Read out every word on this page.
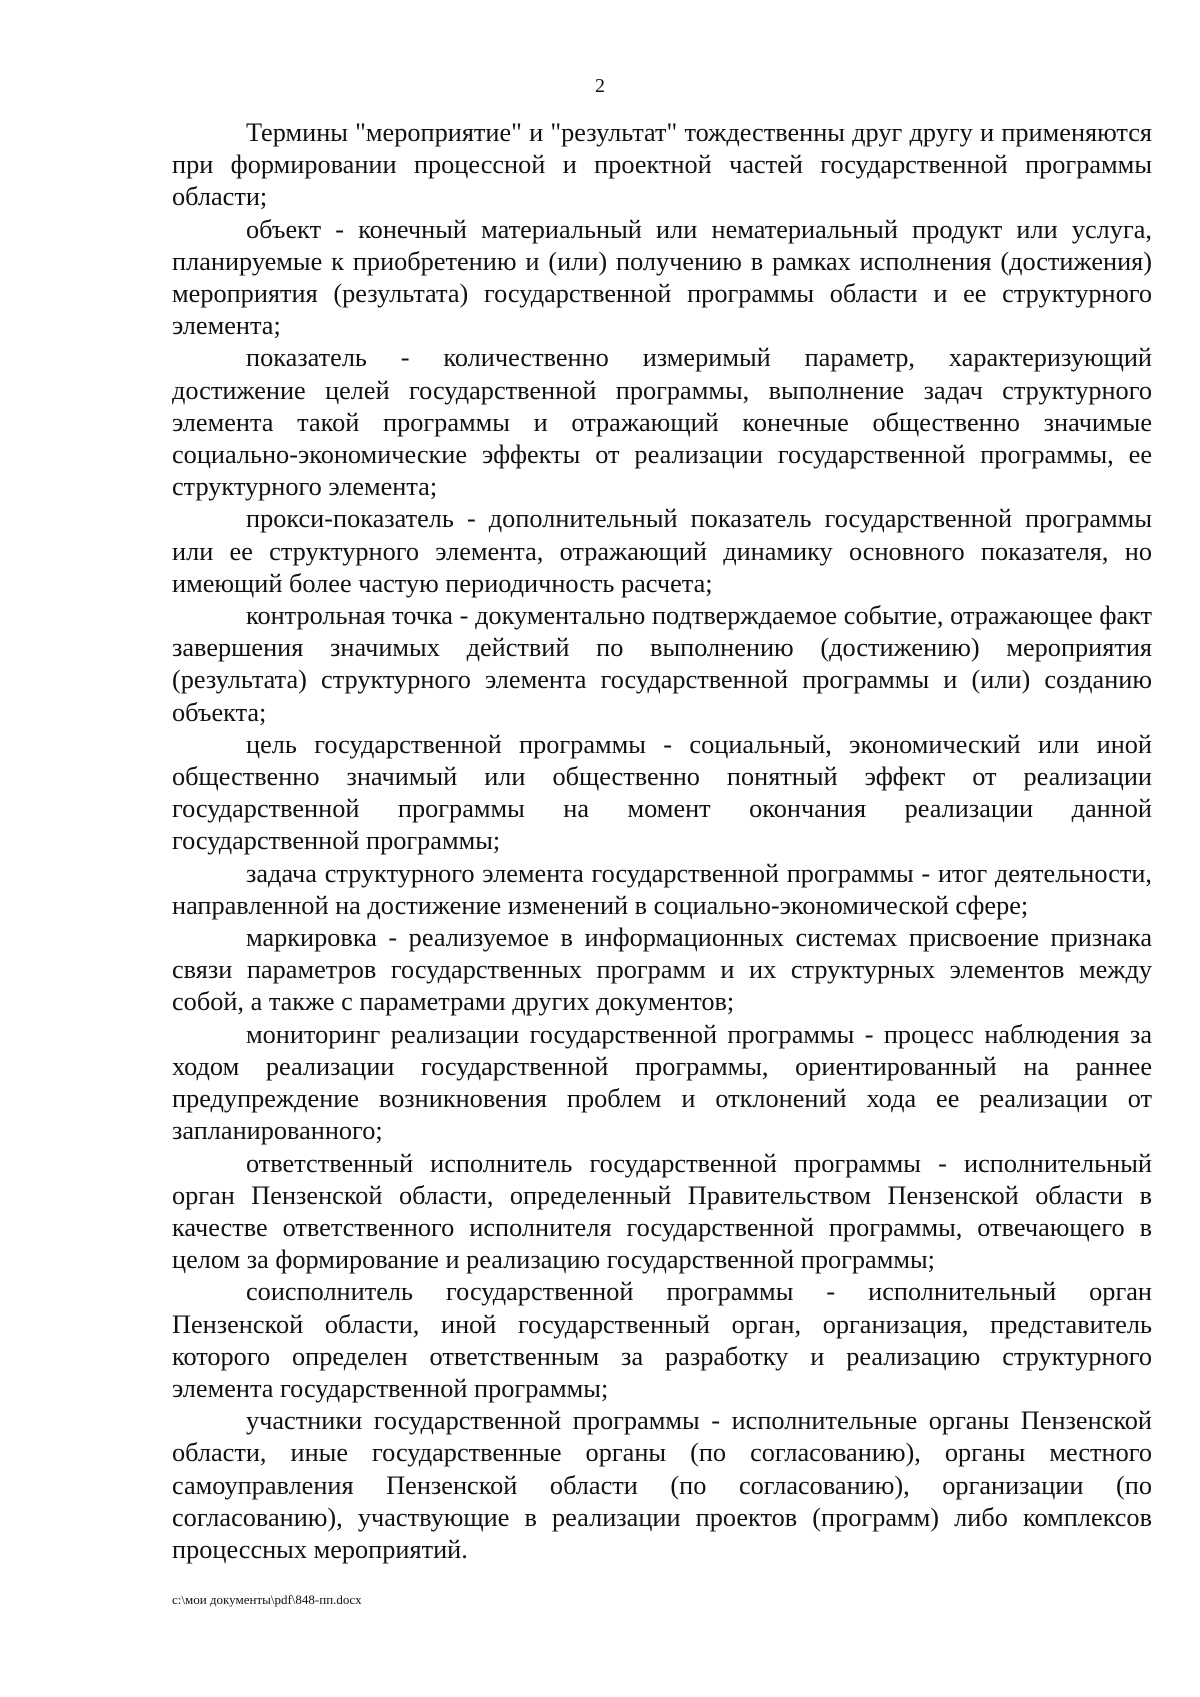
2

Термины "мероприятие" и "результат" тождественны друг другу и применяются при формировании процессной и проектной частей государственной программы области;

объект - конечный материальный или нематериальный продукт или услуга, планируемые к приобретению и (или) получению в рамках исполнения (достижения) мероприятия (результата) государственной программы области и ее структурного элемента;

показатель - количественно измеримый параметр, характеризующий достижение целей государственной программы, выполнение задач структурного элемента такой программы и отражающий конечные общественно значимые социально-экономические эффекты от реализации государственной программы, ее структурного элемента;

прокси-показатель - дополнительный показатель государственной программы или ее структурного элемента, отражающий динамику основного показателя, но имеющий более частую периодичность расчета;

контрольная точка - документально подтверждаемое событие, отражающее факт завершения значимых действий по выполнению (достижению) мероприятия (результата) структурного элемента государственной программы и (или) созданию объекта;

цель государственной программы - социальный, экономический или иной общественно значимый или общественно понятный эффект от реализации государственной программы на момент окончания реализации данной государственной программы;

задача структурного элемента государственной программы - итог деятельности, направленной на достижение изменений в социально-экономической сфере;

маркировка - реализуемое в информационных системах присвоение признака связи параметров государственных программ и их структурных элементов между собой, а также с параметрами других документов;

мониторинг реализации государственной программы - процесс наблюдения за ходом реализации государственной программы, ориентированный на раннее предупреждение возникновения проблем и отклонений хода ее реализации от запланированного;

ответственный исполнитель государственной программы - исполнительный орган Пензенской области, определенный Правительством Пензенской области в качестве ответственного исполнителя государственной программы, отвечающего в целом за формирование и реализацию государственной программы;

соисполнитель государственной программы - исполнительный орган Пензенской области, иной государственный орган, организация, представитель которого определен ответственным за разработку и реализацию структурного элемента государственной программы;

участники государственной программы - исполнительные органы Пензенской области, иные государственные органы (по согласованию), органы местного самоуправления Пензенской области (по согласованию), организации (по согласованию), участвующие в реализации проектов (программ) либо комплексов процессных мероприятий.

c:\мои документы\pdf\848-пп.docx
